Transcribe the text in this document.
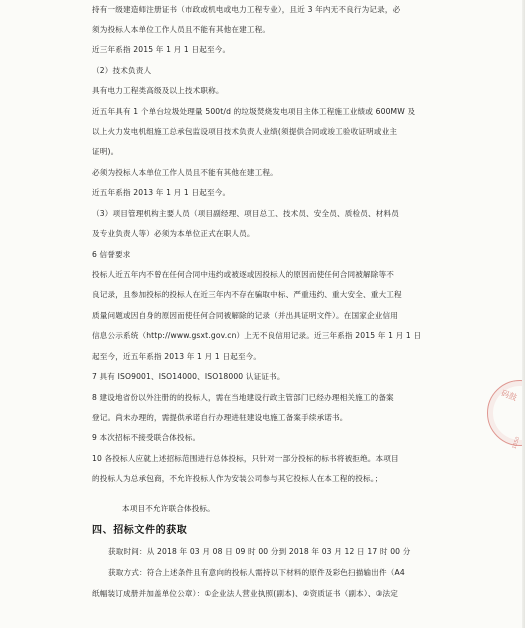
持有一级建造师注册证书（市政或机电或电力工程专业），且近 3 年内无不良行为记录，必
须为投标人本单位工作人员且不能有其他在建工程。
近三年系指 2015 年 1 月 1 日起至今。
（2）技术负责人
具有电力工程类高级及以上技术职称。
近五年具有 1 个单台垃圾处理量 500t/d 的垃圾焚烧发电项目主体工程施工业绩或 600MW 及
以上火力发电机组施工总承包监设项目技术负责人业绩(须提供合同或竣工验收证明或业主
证明)。
必须为投标人本单位工作人员且不能有其他在建工程。
近五年系指 2013 年 1 月 1 日起至今。
（3）项目管理机构主要人员（项目副经理、项目总工、技术员、安全员、质检员、材料员
及专业负责人等）必须为本单位正式在职人员。
6 信誉要求
投标人近五年内不曾在任何合同中违约或被逐或因投标人的原因而使任何合同被解除等不
良记录，且参加投标的投标人在近三年内不存在骗取中标、严重违约、重大安全、重大工程
质量问题或因自身的原因而使任何合同被解除的记录（并出具证明文件）。在国家企业信用
信息公示系统（http://www.gsxt.gov.cn）上无不良信用记录。近三年系指 2015 年 1 月 1 日
起至今，近五年系指 2013 年 1 月 1 日起至今。
7 具有 ISO9001、ISO14000、ISO18000 认证证书。
8 建设地省份以外注册的的投标人，需在当地建设行政主管部门已经办理相关施工的备案
登记。尚未办理的，需提供承诺自行办理进驻建设电施工备案手续承诺书。
9 本次招标不接受联合体投标。
10 各投标人应就上述招标范围进行总体投标，只针对一部分投标的标书将被拒绝。本项目
的投标人为总承包商，不允许投标人作为安装公司参与其它投标人在本工程的投标。；
本项目不允许联合体投标。
四、招标文件的获取
获取时间：从 2018 年 03 月 08 日 09 时 00 分到 2018 年 03 月 12 日 17 时 00 分
获取方式：符合上述条件且有意向的投标人需持以下材料的原件及彩色扫描输出件（A4
纸幅装订成册并加盖单位公章）：①企业法人营业执照(副本)、②资质证书（副本）、③法定
码鼓
1050
